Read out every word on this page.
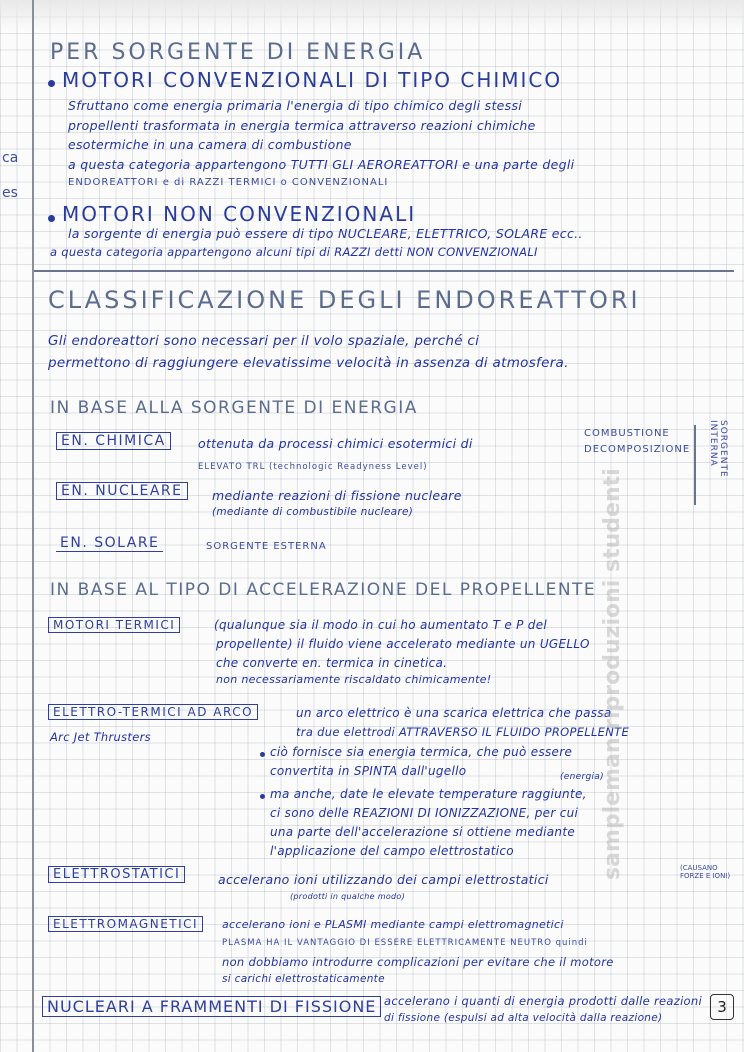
ca
es
PER SORGENTE DI ENERGIA
MOTORI CONVENZIONALI DI TIPO CHIMICO
Sfruttano come energia primaria l'energia di tipo chimico degli stessi
propellenti trasformata in energia termica attraverso reazioni chimiche
esotermiche in una camera di combustione
a questa categoria appartengono TUTTI GLI AEROREATTORI e una parte degli
ENDOREATTORI e di RAZZI TERMICI o CONVENZIONALI
MOTORI NON CONVENZIONALI
la sorgente di energia può essere di tipo NUCLEARE, ELETTRICO, SOLARE ecc..
a questa categoria appartengono alcuni tipi di RAZZI detti NON CONVENZIONALI
CLASSIFICAZIONE DEGLI ENDOREATTORI
Gli endoreattori sono necessari per il volo spaziale, perché ci
permettono di raggiungere elevatissime velocità in assenza di atmosfera.
IN BASE ALLA SORGENTE DI ENERGIA
EN. CHIMICA	ottenuta da processi chimici esotermici di
COMBUSTIONE
DECOMPOSIZIONE
ELEVATO TRL (technologic Readyness Level)	SORGENTE INTERNA
EN. NUCLEARE	mediante reazioni di fissione nucleare
(mediante di combustibile nucleare)
EN. SOLARE	SORGENTE ESTERNA
IN BASE AL TIPO DI ACCELERAZIONE DEL PROPELLENTE
MOTORI TERMICI	(qualunque sia il modo in cui ho aumentato T e P del
propellente) il fluido viene accelerato mediante un UGELLO
che converte en. termica in cinetica.
non necessariamente riscaldato chimicamente!
ELETTRO-TERMICI AD ARCO
Arc Jet Thrusters
un arco elettrico è una scarica elettrica che passa
tra due elettrodi ATTRAVERSO IL FLUIDO PROPELLENTE
ciò fornisce sia energia termica, che può essere
convertita in SPINTA dall'ugello	(energia)
ma anche, date le elevate temperature raggiunte,
ci sono delle REAZIONI DI IONIZZAZIONE, per cui
una parte dell'accelerazione si ottiene mediante
l'applicazione del campo elettrostatico
ELETTROSTATICI	accelerano ioni utilizzando dei campi elettrostatici
(CAUSANO FORZE E IONI)
(prodotti in qualche modo)
ELETTROMAGNETICI	accelerano ioni e PLASMI mediante campi elettromagnetici
PLASMA HA IL VANTAGGIO DI ESSERE ELETTRICAMENTE NEUTRO quindi
non dobbiamo introdurre complicazioni per evitare che il motore
si carichi elettrostaticamente
NUCLEARI A FRAMMENTI DI FISSIONE accelerano i quanti di energia prodotti dalle reazioni
di fissione (espulsi ad alta velocità dalla reazione)
sampleman riproduzioni studenti
3
